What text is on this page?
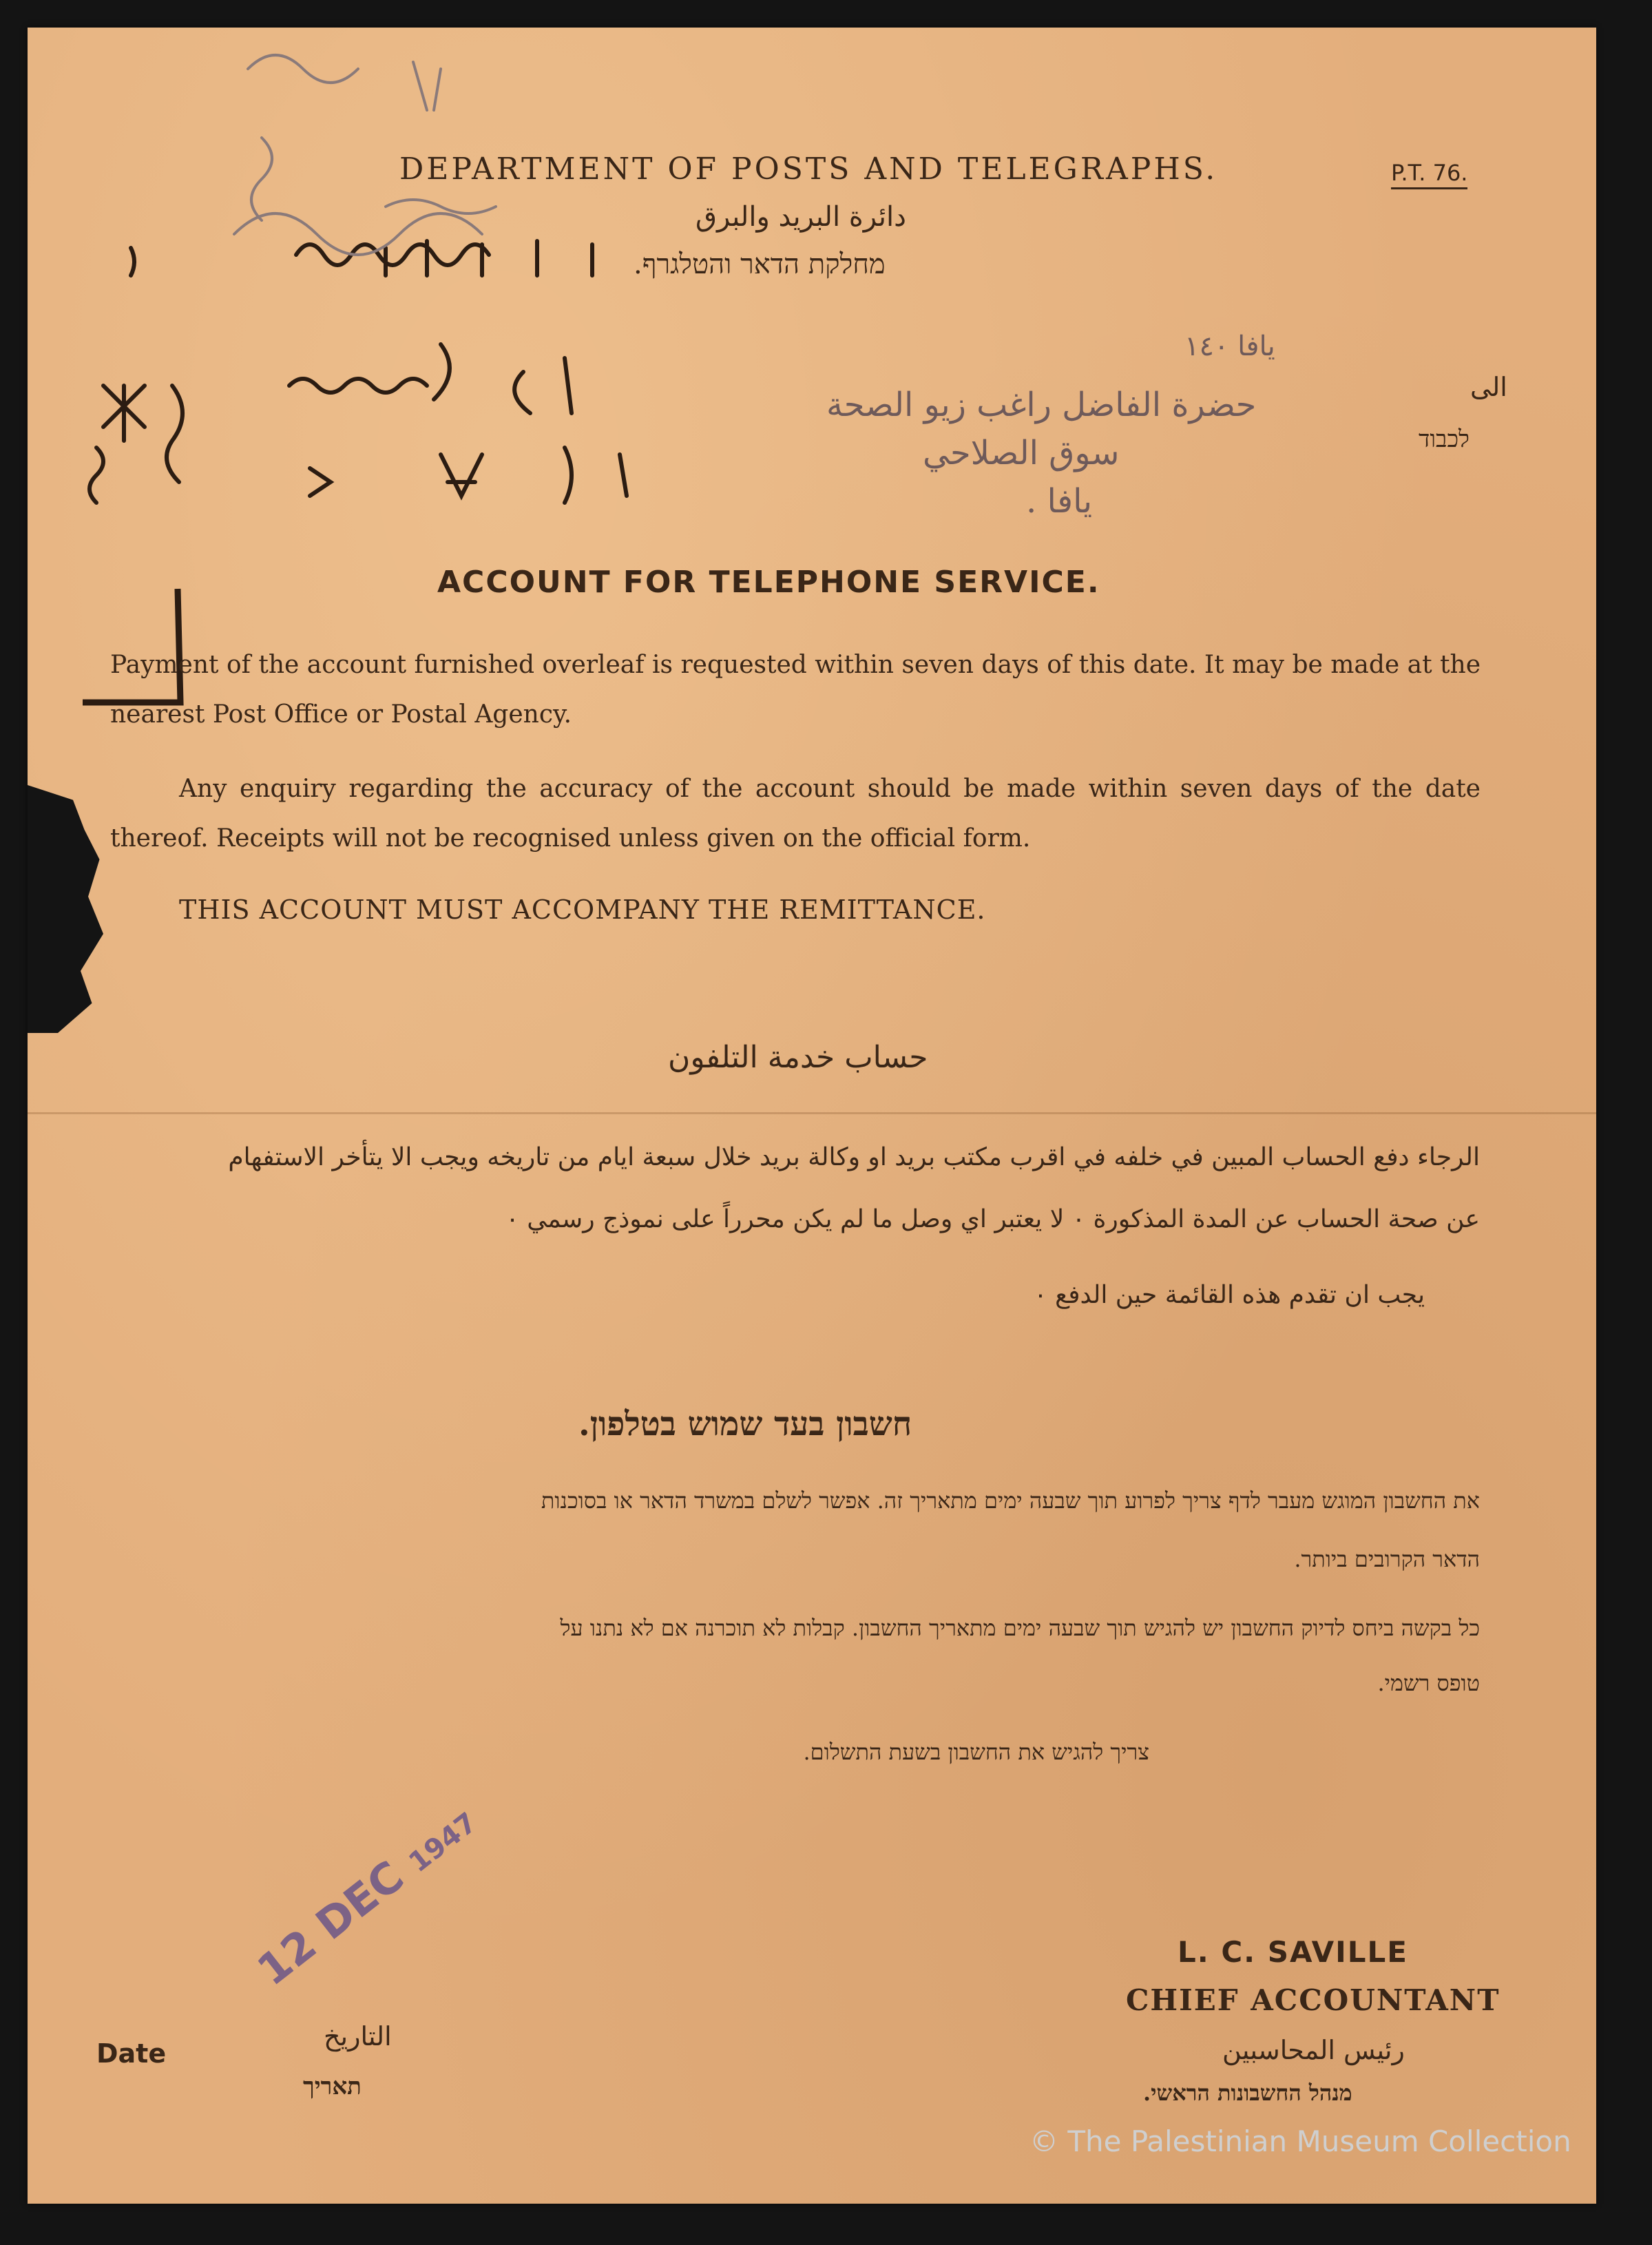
DEPARTMENT OF POSTS AND TELEGRAPHS.	P.T. 76.
دائرة البريد والبرق
מחלקת הדאר והטלגרף.
الى
לכבוד
يافا ١٤٠
حضرة الفاضل راغب زيو الصحة
سوق الصلاحي
يافا .
ACCOUNT FOR TELEPHONE SERVICE.
Payment of the account furnished overleaf is requested within seven days of this date. It may be made at the nearest Post Office or Postal Agency.
Any enquiry regarding the accuracy of the account should be made within seven days of the date thereof. Receipts will not be recognised unless given on the official form.
THIS ACCOUNT MUST ACCOMPANY THE REMITTANCE.
حساب خدمة التلفون
الرجاء دفع الحساب المبين في خلفه في اقرب مكتب بريد او وكالة بريد خلال سبعة ايام من تاريخه ويجب الا يتأخر الاستفهام
عن صحة الحساب عن المدة المذكورة ٠ لا يعتبر اي وصل ما لم يكن محرراً على نموذج رسمي ٠
يجب ان تقدم هذه القائمة حين الدفع ٠
חשבון בעד שמוש בטלפון.
את החשבון המוגש מעבר לדף צריך לפרוע תוך שבעה ימים מתאריך זה. אפשר לשלם במשרד הדאר או בסוכנות
הדאר הקרובים ביותר.
כל בקשה ביחס לדיוק החשבון יש להגיש תוך שבעה ימים מתאריך החשבון. קבלות לא תוכרנה אם לא נתנו על
טופס רשמי.
צריך להגיש את החשבון בשעת התשלום.
L. C. SAVILLE
CHIEF ACCOUNTANT
رئيس المحاسبين
מנהל החשבונות הראשי.
Date
التاريخ
תאריך
12 DEC 1947
© The Palestinian Museum Collection
